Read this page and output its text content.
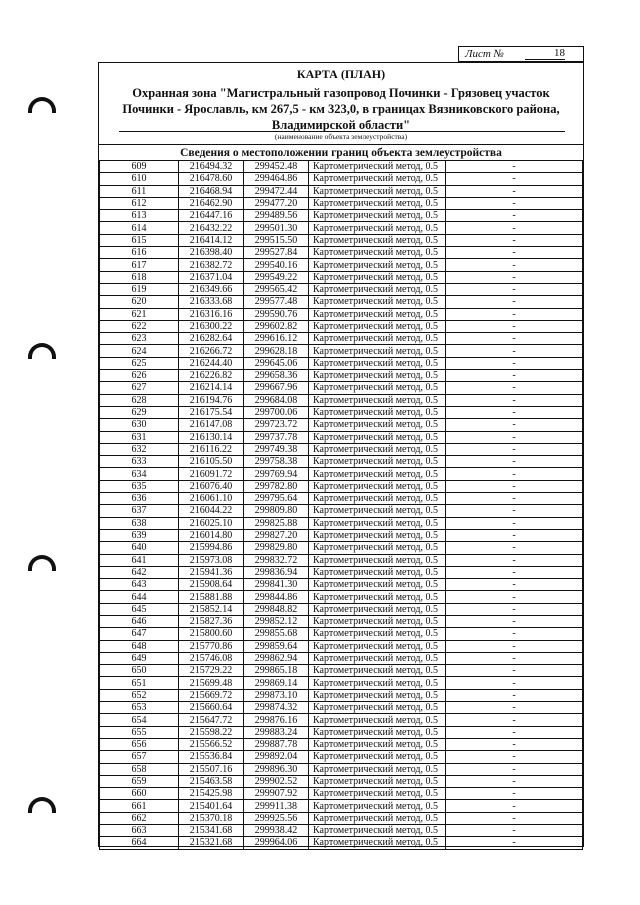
Лист №	18
КАРТА (ПЛАН)
Охранная зона "Магистральный газопровод Починки - Грязовец участок Починки - Ярославль, км 267,5 - км 323,0, в границах Вязниковского района, Владимирской области"
(наименование объекта землеустройства)
Сведения о местоположении границ объекта землеустройства
609	216494.32	299452.48	Картометрический метод, 0.5	-
610	216478.60	299464.86	Картометрический метод, 0.5	-
611	216468.94	299472.44	Картометрический метод, 0.5	-
612	216462.90	299477.20	Картометрический метод, 0.5	-
613	216447.16	299489.56	Картометрический метод, 0.5	-
614	216432.22	299501.30	Картометрический метод, 0.5	-
615	216414.12	299515.50	Картометрический метод, 0.5	-
616	216398.40	299527.84	Картометрический метод, 0.5	-
617	216382.72	299540.16	Картометрический метод, 0.5	-
618	216371.04	299549.22	Картометрический метод, 0.5	-
619	216349.66	299565.42	Картометрический метод, 0.5	-
620	216333.68	299577.48	Картометрический метод, 0.5	-
621	216316.16	299590.76	Картометрический метод, 0.5	-
622	216300.22	299602.82	Картометрический метод, 0.5	-
623	216282.64	299616.12	Картометрический метод, 0.5	-
624	216266.72	299628.18	Картометрический метод, 0.5	-
625	216244.40	299645.06	Картометрический метод, 0.5	-
626	216226.82	299658.36	Картометрический метод, 0.5	-
627	216214.14	299667.96	Картометрический метод, 0.5	-
628	216194.76	299684.08	Картометрический метод, 0.5	-
629	216175.54	299700.06	Картометрический метод, 0.5	-
630	216147.08	299723.72	Картометрический метод, 0.5	-
631	216130.14	299737.78	Картометрический метод, 0.5	-
632	216116.22	299749.38	Картометрический метод, 0.5	-
633	216105.50	299758.38	Картометрический метод, 0.5	-
634	216091.72	299769.94	Картометрический метод, 0.5	-
635	216076.40	299782.80	Картометрический метод, 0.5	-
636	216061.10	299795.64	Картометрический метод, 0.5	-
637	216044.22	299809.80	Картометрический метод, 0.5	-
638	216025.10	299825.88	Картометрический метод, 0.5	-
639	216014.80	299827.20	Картометрический метод, 0.5	-
640	215994.86	299829.80	Картометрический метод, 0.5	-
641	215973.08	299832.72	Картометрический метод, 0.5	-
642	215941.36	299836.94	Картометрический метод, 0.5	-
643	215908.64	299841.30	Картометрический метод, 0.5	-
644	215881.88	299844.86	Картометрический метод, 0.5	-
645	215852.14	299848.82	Картометрический метод, 0.5	-
646	215827.36	299852.12	Картометрический метод, 0.5	-
647	215800.60	299855.68	Картометрический метод, 0.5	-
648	215770.86	299859.64	Картометрический метод, 0.5	-
649	215746.08	299862.94	Картометрический метод, 0.5	-
650	215729.22	299865.18	Картометрический метод, 0.5	-
651	215699.48	299869.14	Картометрический метод, 0.5	-
652	215669.72	299873.10	Картометрический метод, 0.5	-
653	215660.64	299874.32	Картометрический метод, 0.5	-
654	215647.72	299876.16	Картометрический метод, 0.5	-
655	215598.22	299883.24	Картометрический метод, 0.5	-
656	215566.52	299887.78	Картометрический метод, 0.5	-
657	215536.84	299892.04	Картометрический метод, 0.5	-
658	215507.16	299896.30	Картометрический метод, 0.5	-
659	215463.58	299902.52	Картометрический метод, 0.5	-
660	215425.98	299907.92	Картометрический метод, 0.5	-
661	215401.64	299911.38	Картометрический метод, 0.5	-
662	215370.18	299925.56	Картометрический метод, 0.5	-
663	215341.68	299938.42	Картометрический метод, 0.5	-
664	215321.68	299964.06	Картометрический метод, 0.5	-
